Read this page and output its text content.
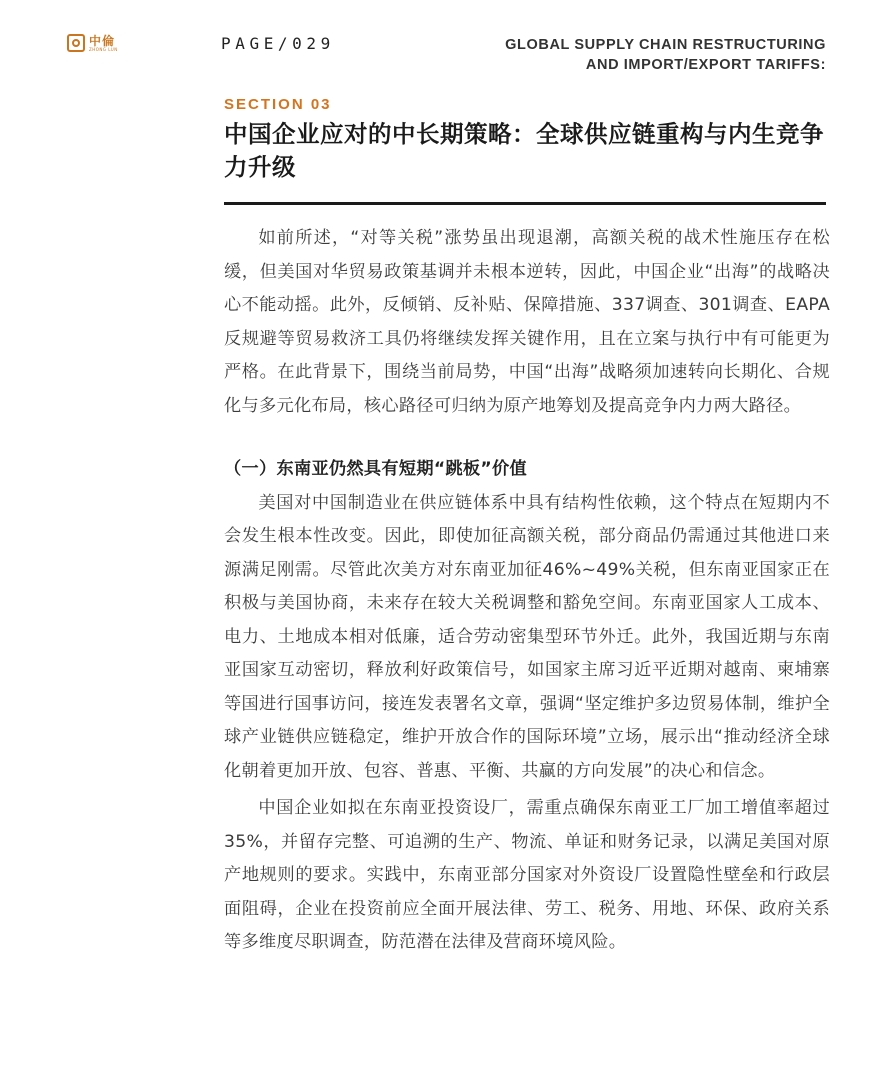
中倫
ZHONG LUN	PAGE/029	GLOBAL SUPPLY CHAIN RESTRUCTURING
AND IMPORT/EXPORT TARIFFS:
SECTION 03
中国企业应对的中长期策略：全球供应链重构与内生竞争力升级

如前所述，“对等关税”涨势虽出现退潮，高额关税的战术性施压存在松缓，但美国对华贸易政策基调并未根本逆转，因此，中国企业“出海”的战略决心不能动摇。此外，反倾销、反补贴、保障措施、337调查、301调查、EAPA反规避等贸易救济工具仍将继续发挥关键作用，且在立案与执行中有可能更为严格。在此背景下，围绕当前局势，中国“出海”战略须加速转向长期化、合规化与多元化布局，核心路径可归纳为原产地筹划及提高竞争内力两大路径。

（一）东南亚仍然具有短期“跳板”价值

美国对中国制造业在供应链体系中具有结构性依赖，这个特点在短期内不会发生根本性改变。因此，即使加征高额关税，部分商品仍需通过其他进口来源满足刚需。尽管此次美方对东南亚加征46%~49%关税，但东南亚国家正在积极与美国协商，未来存在较大关税调整和豁免空间。东南亚国家人工成本、电力、土地成本相对低廉，适合劳动密集型环节外迁。此外，我国近期与东南亚国家互动密切，释放利好政策信号，如国家主席习近平近期对越南、柬埔寨等国进行国事访问，接连发表署名文章，强调“坚定维护多边贸易体制，维护全球产业链供应链稳定，维护开放合作的国际环境”立场，展示出“推动经济全球化朝着更加开放、包容、普惠、平衡、共赢的方向发展”的决心和信念。

中国企业如拟在东南亚投资设厂，需重点确保东南亚工厂加工增值率超过35%，并留存完整、可追溯的生产、物流、单证和财务记录，以满足美国对原产地规则的要求。实践中，东南亚部分国家对外资设厂设置隐性壁垒和行政层面阻碍，企业在投资前应全面开展法律、劳工、税务、用地、环保、政府关系等多维度尽职调查，防范潜在法律及营商环境风险。
